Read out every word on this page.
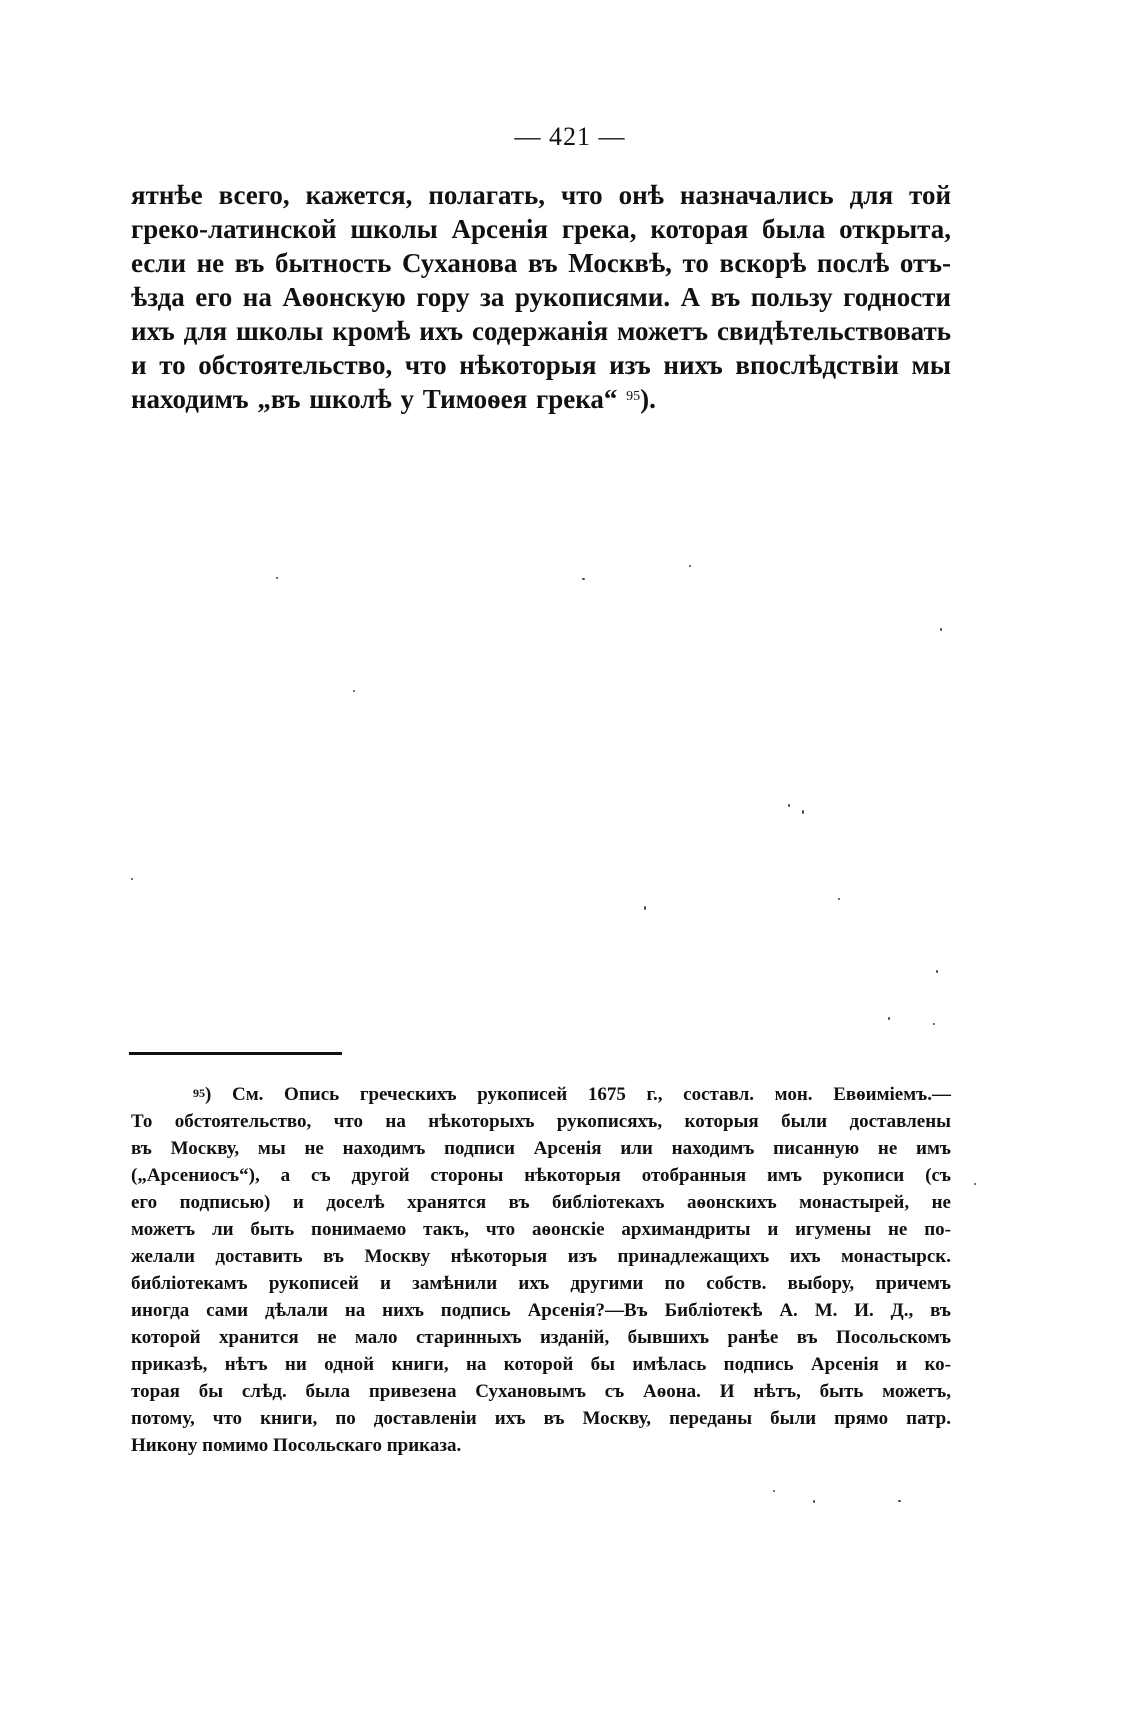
— 421 —
ятнѣе всего, кажется, полагать, что онѣ назначались для той
греко-латинской школы Арсенія грека, которая была открыта,
если не въ бытность Суханова въ Москвѣ, то вскорѣ послѣ отъ-
ѣзда его на Аѳонскую гору за рукописями. А въ пользу годности
ихъ для школы кромѣ ихъ содержанія можетъ свидѣтельствовать
и то обстоятельство, что нѣкоторыя изъ нихъ впослѣдствіи мы
находимъ „въ школѣ у Тимоѳея грека“ $^{95}$).
$^{95}$) См. Опись греческихъ рукописей 1675 г., составл. мон. Евѳиміемъ.—
То обстоятельство, что на нѣкоторыхъ рукописяхъ, которыя были доставлены
въ Москву, мы не находимъ подписи Арсенія или находимъ писанную не имъ
(„Арсениосъ“), а съ другой стороны нѣкоторыя отобранныя имъ рукописи (съ
его подписью) и доселѣ хранятся въ библіотекахъ аѳонскихъ монастырей, не
можетъ ли быть понимаемо такъ, что аѳонскіе архимандриты и игумены не по-
желали доставить въ Москву нѣкоторыя изъ принадлежащихъ ихъ монастырск.
библіотекамъ рукописей и замѣнили ихъ другими по собств. выбору, причемъ
иногда сами дѣлали на нихъ подпись Арсенія?—Въ Библіотекѣ А. М. И. Д., въ
которой хранится не мало старинныхъ изданій, бывшихъ ранѣе въ Посольскомъ
приказѣ, нѣтъ ни одной книги, на которой бы имѣлась подпись Арсенія и ко-
торая бы слѣд. была привезена Сухановымъ съ Аѳона. И нѣтъ, быть можетъ,
потому, что книги, по доставленіи ихъ въ Москву, переданы были прямо патр.
Никону помимо Посольскаго приказа.
